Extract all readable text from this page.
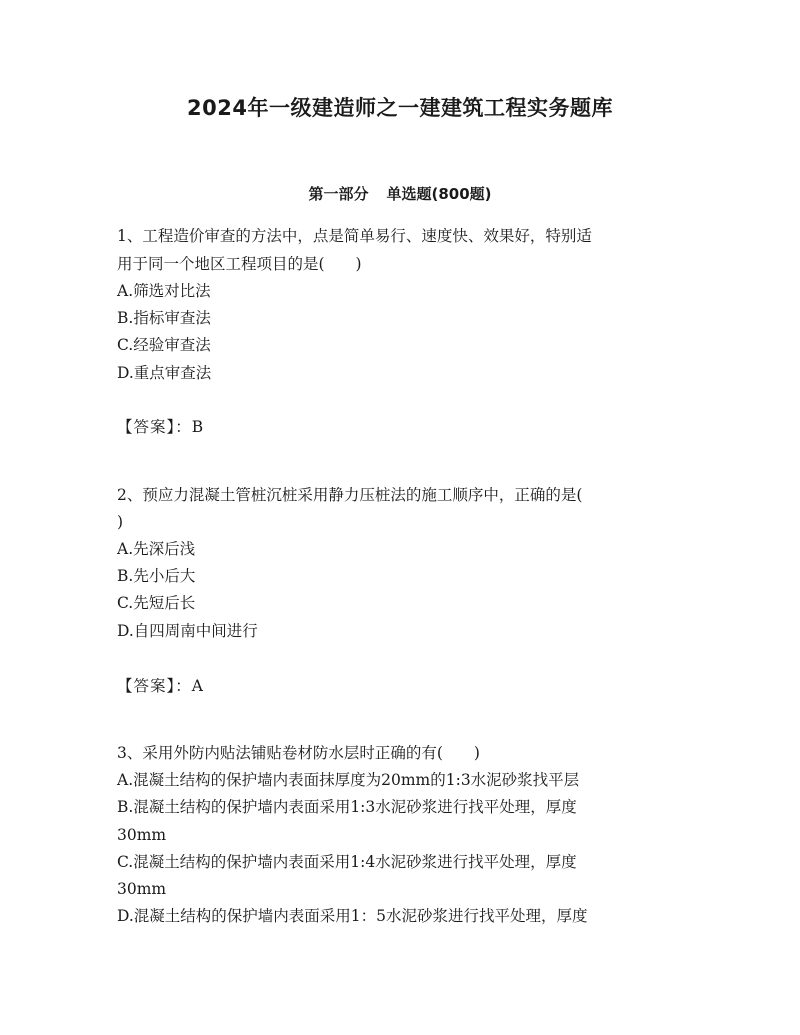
2024年一级建造师之一建建筑工程实务题库
第一部分 单选题(800题)
1、工程造价审查的方法中，点是简单易行、速度快、效果好，特别适
用于同一个地区工程项目的是(　　)
A.筛选对比法
B.指标审查法
C.经验审查法
D.重点审查法
【答案】：B
2、预应力混凝土管桩沉桩采用静力压桩法的施工顺序中，正确的是(
)
A.先深后浅
B.先小后大
C.先短后长
D.自四周南中间进行
【答案】：A
3、采用外防内贴法铺贴卷材防水层时正确的有(　　)
A.混凝土结构的保护墙内表面抹厚度为20mm的1:3水泥砂浆找平层
B.混凝土结构的保护墙内表面采用1:3水泥砂浆进行找平处理，厚度
30mm
C.混凝土结构的保护墙内表面采用1:4水泥砂浆进行找平处理，厚度
30mm
D.混凝土结构的保护墙内表面采用1：5水泥砂浆进行找平处理，厚度
